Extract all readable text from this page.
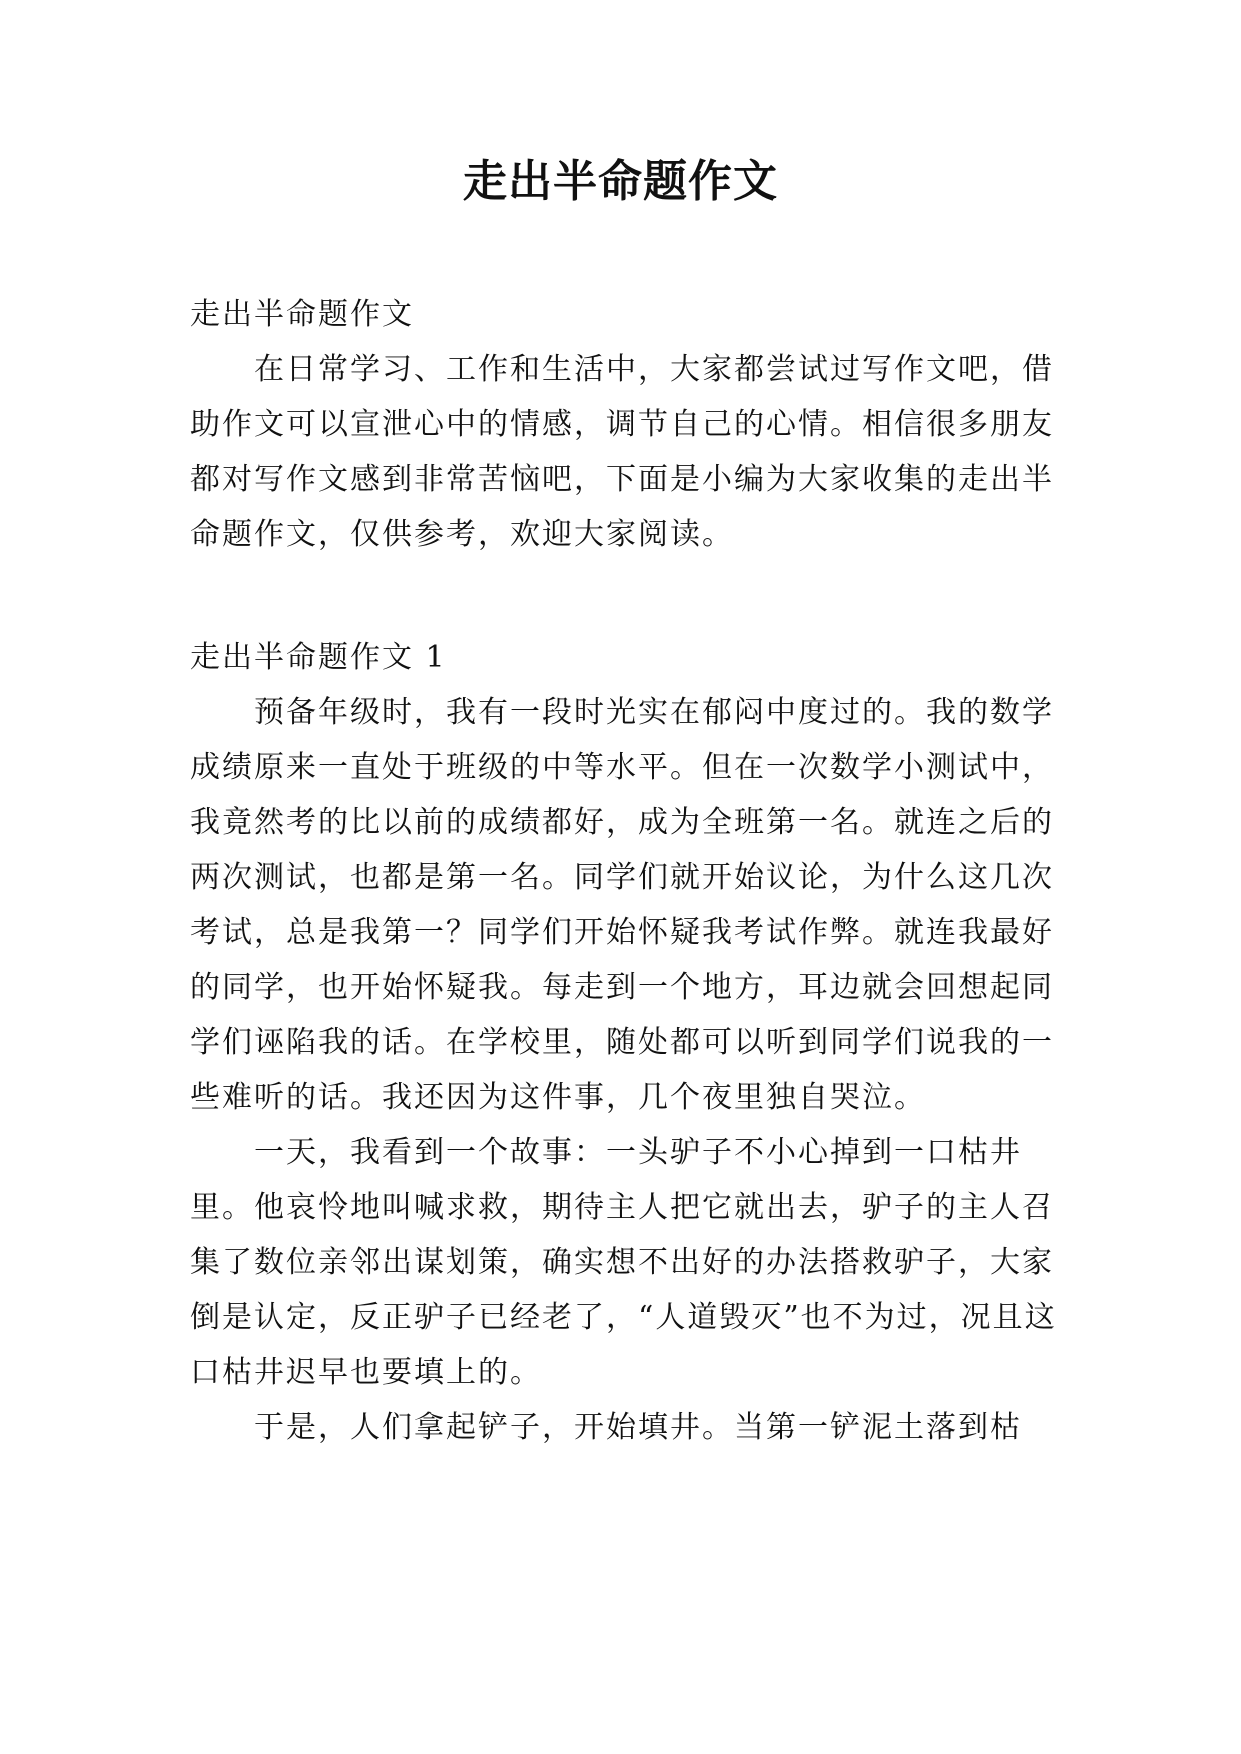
走出半命题作文
走出半命题作文

在日常学习、工作和生活中，大家都尝试过写作文吧，借助作文可以宣泄心中的情感，调节自己的心情。相信很多朋友都对写作文感到非常苦恼吧，下面是小编为大家收集的走出半命题作文，仅供参考，欢迎大家阅读。

走出半命题作文 1

预备年级时，我有一段时光实在郁闷中度过的。我的数学成绩原来一直处于班级的中等水平。但在一次数学小测试中，我竟然考的比以前的成绩都好，成为全班第一名。就连之后的两次测试，也都是第一名。同学们就开始议论，为什么这几次考试，总是我第一？同学们开始怀疑我考试作弊。就连我最好的同学，也开始怀疑我。每走到一个地方，耳边就会回想起同学们诬陷我的话。在学校里，随处都可以听到同学们说我的一些难听的话。我还因为这件事，几个夜里独自哭泣。

一天，我看到一个故事：一头驴子不小心掉到一口枯井里。他哀怜地叫喊求救，期待主人把它就出去，驴子的主人召集了数位亲邻出谋划策，确实想不出好的办法搭救驴子，大家倒是认定，反正驴子已经老了，“人道毁灭”也不为过，况且这口枯井迟早也要填上的。

于是，人们拿起铲子，开始填井。当第一铲泥土落到枯
